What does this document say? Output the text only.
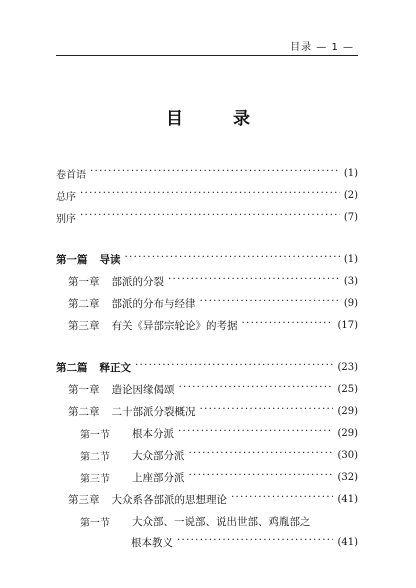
目录 — 1 —
目 录
卷首语 ·····	(1)
总序 ·····	(2)
别序 ·····	(7)
第一篇 导读 ·····	(1)
第一章 部派的分裂 ·····	(3)
第二章 部派的分布与经律 ·····	(9)
第三章 有关《异部宗轮论》的考据 ·····	(17)
第二篇 释正文 ·····	(23)
第一章 造论因缘偈颂 ·····	(25)
第二章 二十部派分裂概况 ·····	(29)
第一节 根本分派 ·····	(29)
第二节 大众部分派 ·····	(30)
第三节 上座部分派 ·····	(32)
第三章 大众系各部派的思想理论 ·····	(41)
第一节 大众部、一说部、说出世部、鸡胤部之
根本教义 ·····	(41)
